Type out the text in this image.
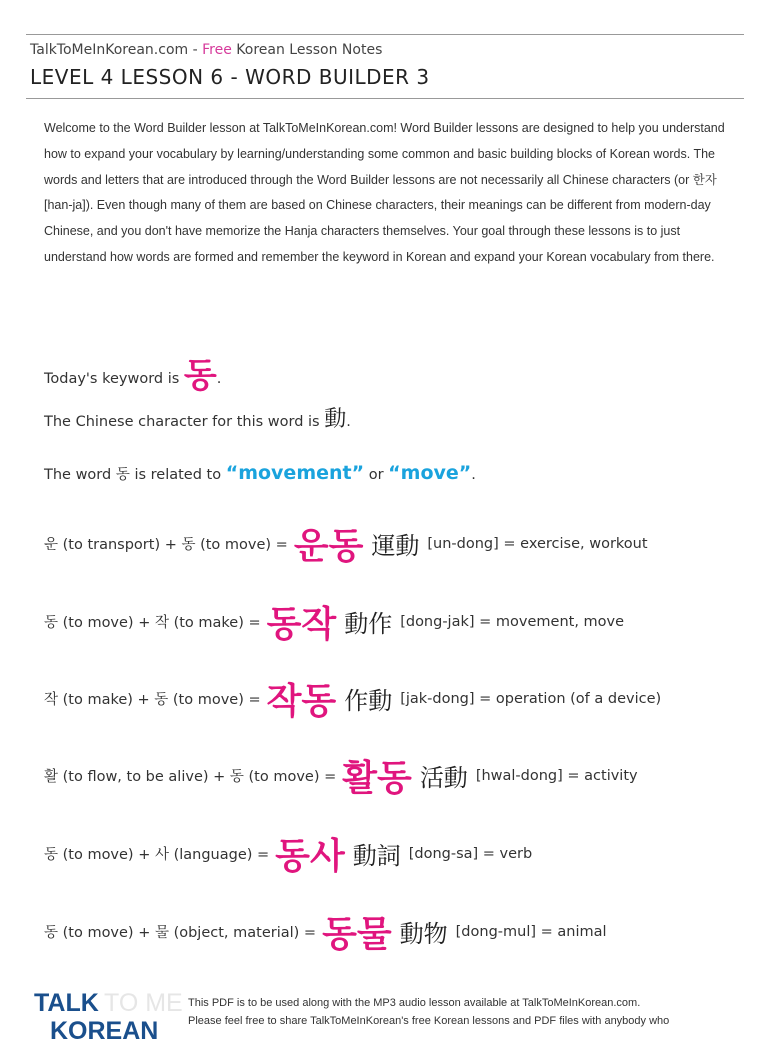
TalkToMeInKorean.com - Free Korean Lesson Notes
LEVEL 4 LESSON 6 - WORD BUILDER 3
Welcome to the Word Builder lesson at TalkToMeInKorean.com! Word Builder lessons are designed to help you understand how to expand your vocabulary by learning/understanding some common and basic building blocks of Korean words. The words and letters that are introduced through the Word Builder lessons are not necessarily all Chinese characters (or 한자 [han-ja]). Even though many of them are based on Chinese characters, their meanings can be different from modern-day Chinese, and you don't have memorize the Hanja characters themselves. Your goal through these lessons is to just understand how words are formed and remember the keyword in Korean and expand your Korean vocabulary from there.
Today's keyword is 동.
The Chinese character for this word is 動.
The word 동 is related to “movement” or “move”.
운 (to transport) + 동 (to move) = 운동 運動 [un-dong] = exercise, workout
동 (to move) + 작 (to make) = 동작 動作 [dong-jak] = movement, move
작 (to make) + 동 (to move) = 작동 作動 [jak-dong] = operation (of a device)
활 (to flow, to be alive) + 동 (to move) = 활동 活動 [hwal-dong] = activity
동 (to move) + 사 (language) = 동사 動詞 [dong-sa] = verb
동 (to move) + 물 (object, material) = 동물 動物 [dong-mul] = animal
TALK TO ME
KOREAN
This PDF is to be used along with the MP3 audio lesson available at TalkToMeInKorean.com.
Please feel free to share TalkToMeInKorean's free Korean lessons and PDF files with anybody who
